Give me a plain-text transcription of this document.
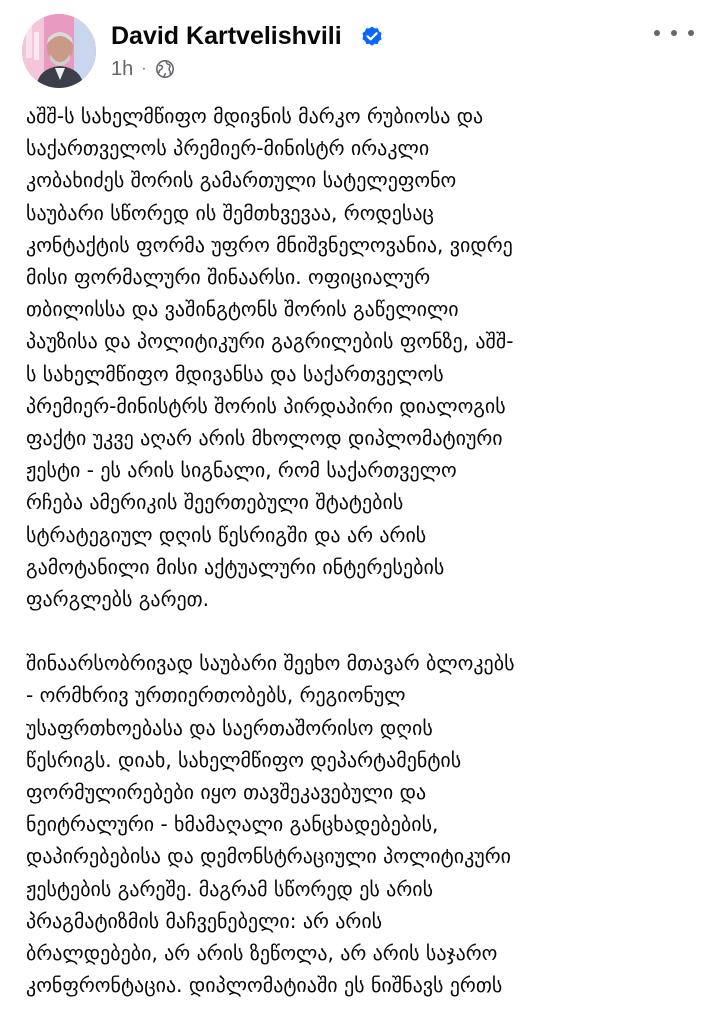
David Kartvelishvili
1h ·

აშშ-ს სახელმწიფო მდივნის მარკო რუბიოსა და
საქართველოს პრემიერ-მინისტრ ირაკლი
კობახიძეს შორის გამართული სატელეფონო
საუბარი სწორედ ის შემთხვევაა, როდესაც
კონტაქტის ფორმა უფრო მნიშვნელოვანია, ვიდრე
მისი ფორმალური შინაარსი. ოფიციალურ
თბილისსა და ვაშინგტონს შორის გაწელილი
პაუზისა და პოლიტიკური გაგრილების ფონზე, აშშ-
ს სახელმწიფო მდივანსა და საქართველოს
პრემიერ-მინისტრს შორის პირდაპირი დიალოგის
ფაქტი უკვე აღარ არის მხოლოდ დიპლომატიური
ჟესტი - ეს არის სიგნალი, რომ საქართველო
რჩება ამერიკის შეერთებული შტატების
სტრატეგიულ დღის წესრიგში და არ არის
გამოტანილი მისი აქტუალური ინტერესების
ფარგლებს გარეთ.

შინაარსობრივად საუბარი შეეხო მთავარ ბლოკებს
- ორმხრივ ურთიერთობებს, რეგიონულ
უსაფრთხოებასა და საერთაშორისო დღის
წესრიგს. დიახ, სახელმწიფო დეპარტამენტის
ფორმულირებები იყო თავშეკავებული და
ნეიტრალური - ხმამაღალი განცხადებების,
დაპირებებისა და დემონსტრაციული პოლიტიკური
ჟესტების გარეშე. მაგრამ სწორედ ეს არის
პრაგმატიზმის მაჩვენებელი: არ არის
ბრალდებები, არ არის ზეწოლა, არ არის საჯარო
კონფრონტაცია. დიპლომატიაში ეს ნიშნავს ერთს
